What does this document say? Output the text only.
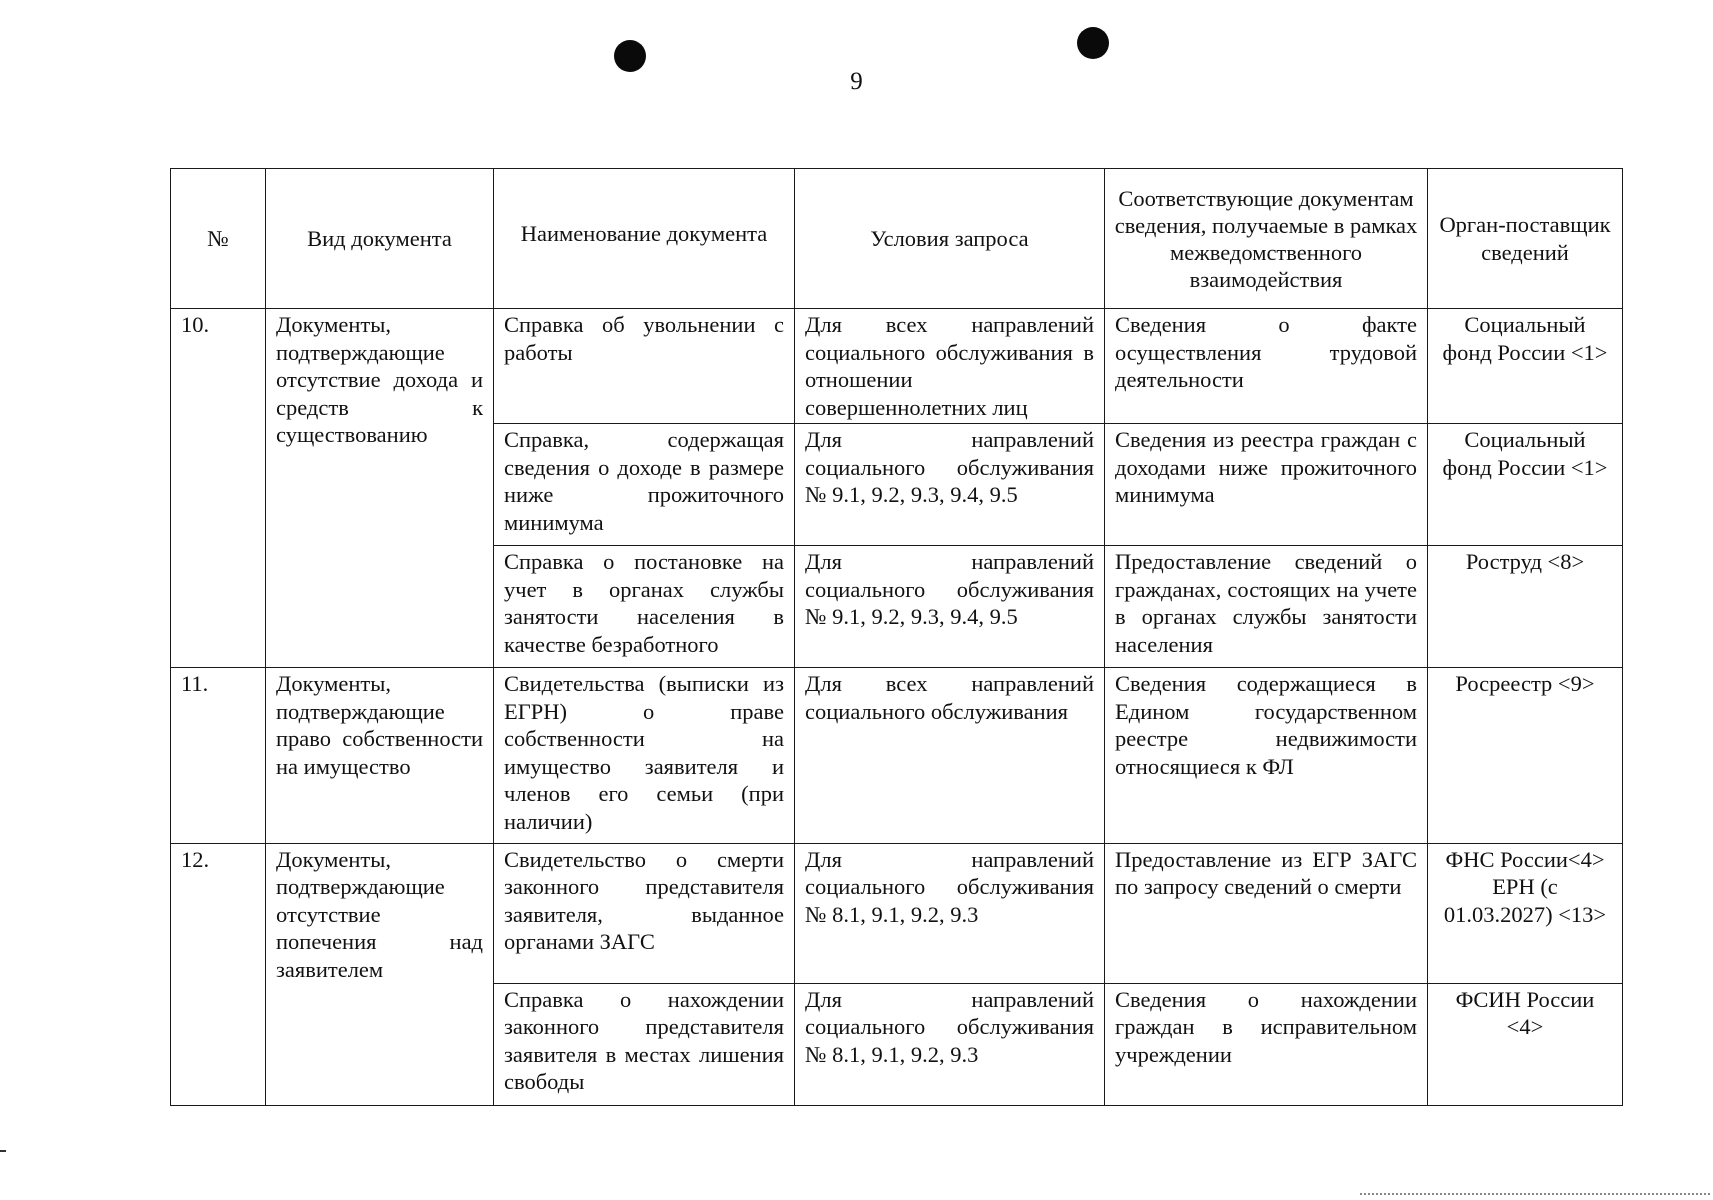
9
№	Вид документа	Наименование документа	Условия запроса	Соответствующие документам сведения, получаемые в рамках межведомственного взаимодействия	Орган-поставщик сведений
10.	Документы, подтверждающие отсутствие дохода и средств к существованию	Справка об увольнении с работы	Для всех направлений социального обслуживания в отношении совершеннолетних лиц	Сведения о факте осуществления трудовой деятельности	Социальный фонд России <1>
		Справка, содержащая сведения о доходе в размере ниже прожиточного минимума	Для направлений социального обслуживания № 9.1, 9.2, 9.3, 9.4, 9.5	Сведения из реестра граждан с доходами ниже прожиточного минимума	Социальный фонд России <1>
		Справка о постановке на учет в органах службы занятости населения в качестве безработного	Для направлений социального обслуживания № 9.1, 9.2, 9.3, 9.4, 9.5	Предоставление сведений о гражданах, состоящих на учете в органах службы занятости населения	Роструд <8>
11.	Документы, подтверждающие право собственности на имущество	Свидетельства (выписки из ЕГРН) о праве собственности на имущество заявителя и членов его семьи (при наличии)	Для всех направлений социального обслуживания	Сведения содержащиеся в Едином государственном реестре недвижимости относящиеся к ФЛ	Росреестр <9>
12.	Документы, подтверждающие отсутствие попечения над заявителем	Свидетельство о смерти законного представителя заявителя, выданное органами ЗАГС	Для направлений социального обслуживания № 8.1, 9.1, 9.2, 9.3	Предоставление из ЕГР ЗАГС по запросу сведений о смерти	ФНС России<4> ЕРН (с 01.03.2027) <13>
		Справка о нахождении законного представителя заявителя в местах лишения свободы	Для направлений социального обслуживания № 8.1, 9.1, 9.2, 9.3	Сведения о нахождении граждан в исправительном учреждении	ФСИН России <4>
